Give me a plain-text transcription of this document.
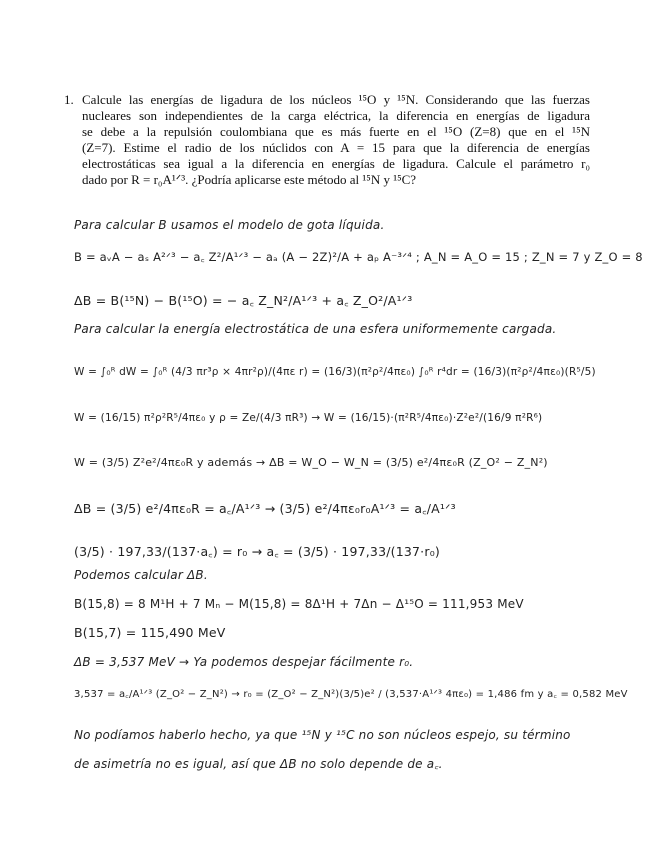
1. Calcule las energías de ligadura de los núcleos ¹⁵O y ¹⁵N. Considerando que las fuerzas
nucleares son independientes de la carga eléctrica, la diferencia en energías de ligadura
se debe a la repulsión coulombiana que es más fuerte en el ¹⁵O (Z=8) que en el ¹⁵N
(Z=7). Estime el radio de los núclidos con A = 15 para que la diferencia de energías
electrostáticas sea igual a la diferencia en energías de ligadura. Calcule el parámetro r₀
dado por R = r₀A¹ᐟ³. ¿Podría aplicarse este método al ¹⁵N y ¹⁵C?
Para calcular B usamos el modelo de gota líquida.
B = aᵥA − aₛ A²ᐟ³ − a꜀ Z²/A¹ᐟ³ − aₐ (A − 2Z)²/A + aₚ A⁻³ᐟ⁴ ; A_N = A_O = 15 ; Z_N = 7 y Z_O = 8
ΔB = B(¹⁵N) − B(¹⁵O) = − a꜀ Z_N²/A¹ᐟ³ + a꜀ Z_O²/A¹ᐟ³
Para calcular la energía electrostática de una esfera uniformemente cargada.
W = ∫₀ᴿ dW = ∫₀ᴿ (4/3 πr³ρ × 4πr²ρ)/(4πε r) = (16/3)(π²ρ²/4πε₀) ∫₀ᴿ r⁴dr = (16/3)(π²ρ²/4πε₀)(R⁵/5)
W = (16/15) π²ρ²R⁵/4πε₀ y ρ = Ze/(4/3 πR³) → W = (16/15)·(π²R⁵/4πε₀)·Z²e²/(16/9 π²R⁶)
W = (3/5) Z²e²/4πε₀R y además → ΔB = W_O − W_N = (3/5) e²/4πε₀R (Z_O² − Z_N²)
ΔB = (3/5) e²/4πε₀R = a꜀/A¹ᐟ³ → (3/5) e²/4πε₀r₀A¹ᐟ³ = a꜀/A¹ᐟ³
(3/5) · 197,33/(137·a꜀) = r₀ → a꜀ = (3/5) · 197,33/(137·r₀)
Podemos calcular ΔB.
B(15,8) = 8 M¹H + 7 Mₙ − M(15,8) = 8Δ¹H + 7Δn − Δ¹⁵O = 111,953 MeV
B(15,7) = 115,490 MeV
ΔB = 3,537 MeV → Ya podemos despejar fácilmente r₀.
3,537 = a꜀/A¹ᐟ³ (Z_O² − Z_N²) → r₀ = (Z_O² − Z_N²)(3/5)e² / (3,537·A¹ᐟ³ 4πε₀) = 1,486 fm y a꜀ = 0,582 MeV
No podíamos haberlo hecho, ya que ¹⁵N y ¹⁵C no son núcleos espejo, su término
de asimetría no es igual, así que ΔB no solo depende de a꜀.
